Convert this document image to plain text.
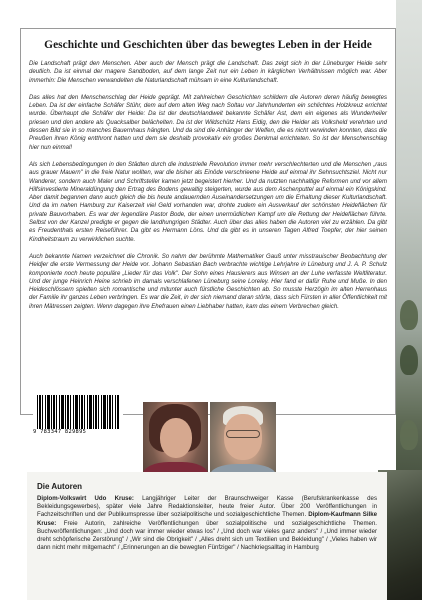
Geschichte und Geschichten über das bewegtes Leben in der Heide

Die Landschaft prägt den Menschen. Aber auch der Mensch prägt die Landschaft. Das zeigt sich in der Lüneburger Heide sehr deutlich. Da ist einmal der magere Sandboden, auf dem lange Zeit nur ein Leben in kärglichen Verhältnissen möglich war. Aber immerhin: Die Menschen verwandelten die Naturlandschaft mühsam in eine Kulturlandschaft.

Das alles hat den Menschenschlag der Heide geprägt. Mit zahlreichen Geschichten schildern die Autoren deren häufig bewegtes Leben. Da ist der einfache Schäfer Stühr, dem auf dem alten Weg nach Soltau vor Jahrhunderten ein schlichtes Holzkreuz errichtet wurde. Überhaupt die Schäfer der Heide: Da ist der deutschlandweit bekannte Schäfer Ast, dem ein eigenes als Wunderheiler priesen und den andere als Quacksalber belächelten. Da ist der Wildschütz Hans Eidig, den die Heider als Volksheld verehrten und dessen Bild sie in so manches Bauernhaus hängten. Und da sind die Anhänger der Welfen, die es nicht verwinden konnten, dass die Preußen ihren König entthront hatten und dem sie deshalb provokativ ein großes Denkmal errichteten. So ist der Menschenschlag hier nun einmal!

Als sich Lebensbedingungen in den Städten durch die industrielle Revolution immer mehr verschlechterten und die Menschen „raus aus grauer Mauern" in die freie Natur wollten, war die bisher als Einöde verschrieene Heide auf einmal ihr Sehnsuchtsziel. Nicht nur Wanderer, sondern auch Maler und Schriftsteller kamen jetzt begeistert hierher. Und da nutzten nachhaltige Reformen und vor allem Hilfsinvestierte Mineraldüngung den Ertrag des Bodens gewaltig steigerten, wurde aus dem Aschenputtel auf einmal ein Königskind. Aber damit begannen dann auch gleich die bis heute andauernden Auseinandersetzungen um die Erhaltung dieser Kulturlandschaft. Und da im nahen Hamburg zur Kaiserzeit viel Geld vorhanden war, drohte zudem ein Ausverkauf der schönsten Heideflächen für private Bauvorhaben. Es war der legendäre Pastor Bode, der einen unermüdlichen Kampf um die Rettung der Heideflächen führte. Selbst von der Kanzel predigte er gegen die landhungrigen Städter. Auch über das alles haben die Autoren viel zu erzählen. Da gibt es Freudenthals ersten Reiseführer. Da gibt es Hermann Löns. Und da gibt es in unseren Tagen Alfred Toepfer, der hier seinen Kindheitstraum zu verwirklichen suchte.

Auch bekannte Namen verzeichnet die Chronik. So nahm der berühmte Mathematiker Gauß unter misstrauischer Beobachtung der Heidjer die erste Vermessung der Heide vor. Johann Sebastian Bach verbrachte wichtige Lehrjahre in Lüneburg und J. A. P. Schulz komponierte noch heute populäre „Lieder für das Volk". Der Sohn eines Hausierers aus Winsen an der Luhe verfasste Weltliteratur. Und der junge Heinrich Heine schrieb im damals verschlafenen Lüneburg seine Loreley. Hier fand er dafür Ruhe und Muße. In den Heideschlössern spielten sich romantische und mitunter auch fürstliche Geschichten ab. So musste Herzögin im alten Herrenhaus der Familie ihr ganzes Leben verbringen. Es war die Zeit, in der sich niemand daran störte, dass sich Fürsten in aller Öffentlichkeit mit ihren Mätressen zeigten. Wenn dagegen ihre Ehefrauen einen Liebhaber hatten, kam das einem Verbrechen gleich.

9 783347 829895
Die Autoren
Diplom-Volkswirt Udo Kruse: Langjähriger Leiter der Braunschweiger Kasse (Berufskrankenkasse des Bekleidungsgewerbes), später viele Jahre Redaktionsleiter, heute freier Autor. Über 200 Veröffentlichungen in Fachzeitschriften und der Publikumspresse über sozialpolitische und sozialgeschichtliche Themen. Diplom-Kaufmann Silke Kruse: Freie Autorin, zahlreiche Veröffentlichungen über sozialpolitische und sozialgeschichtliche Themen. Buchveröffentlichungen: „Und doch war immer wieder etwas los" / „Und doch war vieles ganz anders" / „Und immer wieder dreht schöpferische Zerstörung" / „Wir sind die Obrigkeit" / „Alles dreht sich um Textilien und Bekleidung" / „Vieles haben wir dann nicht mehr mitgemacht" / „Erinnerungen an die bewegten Fünfziger" / Nachkriegsalltag in Hamburg
